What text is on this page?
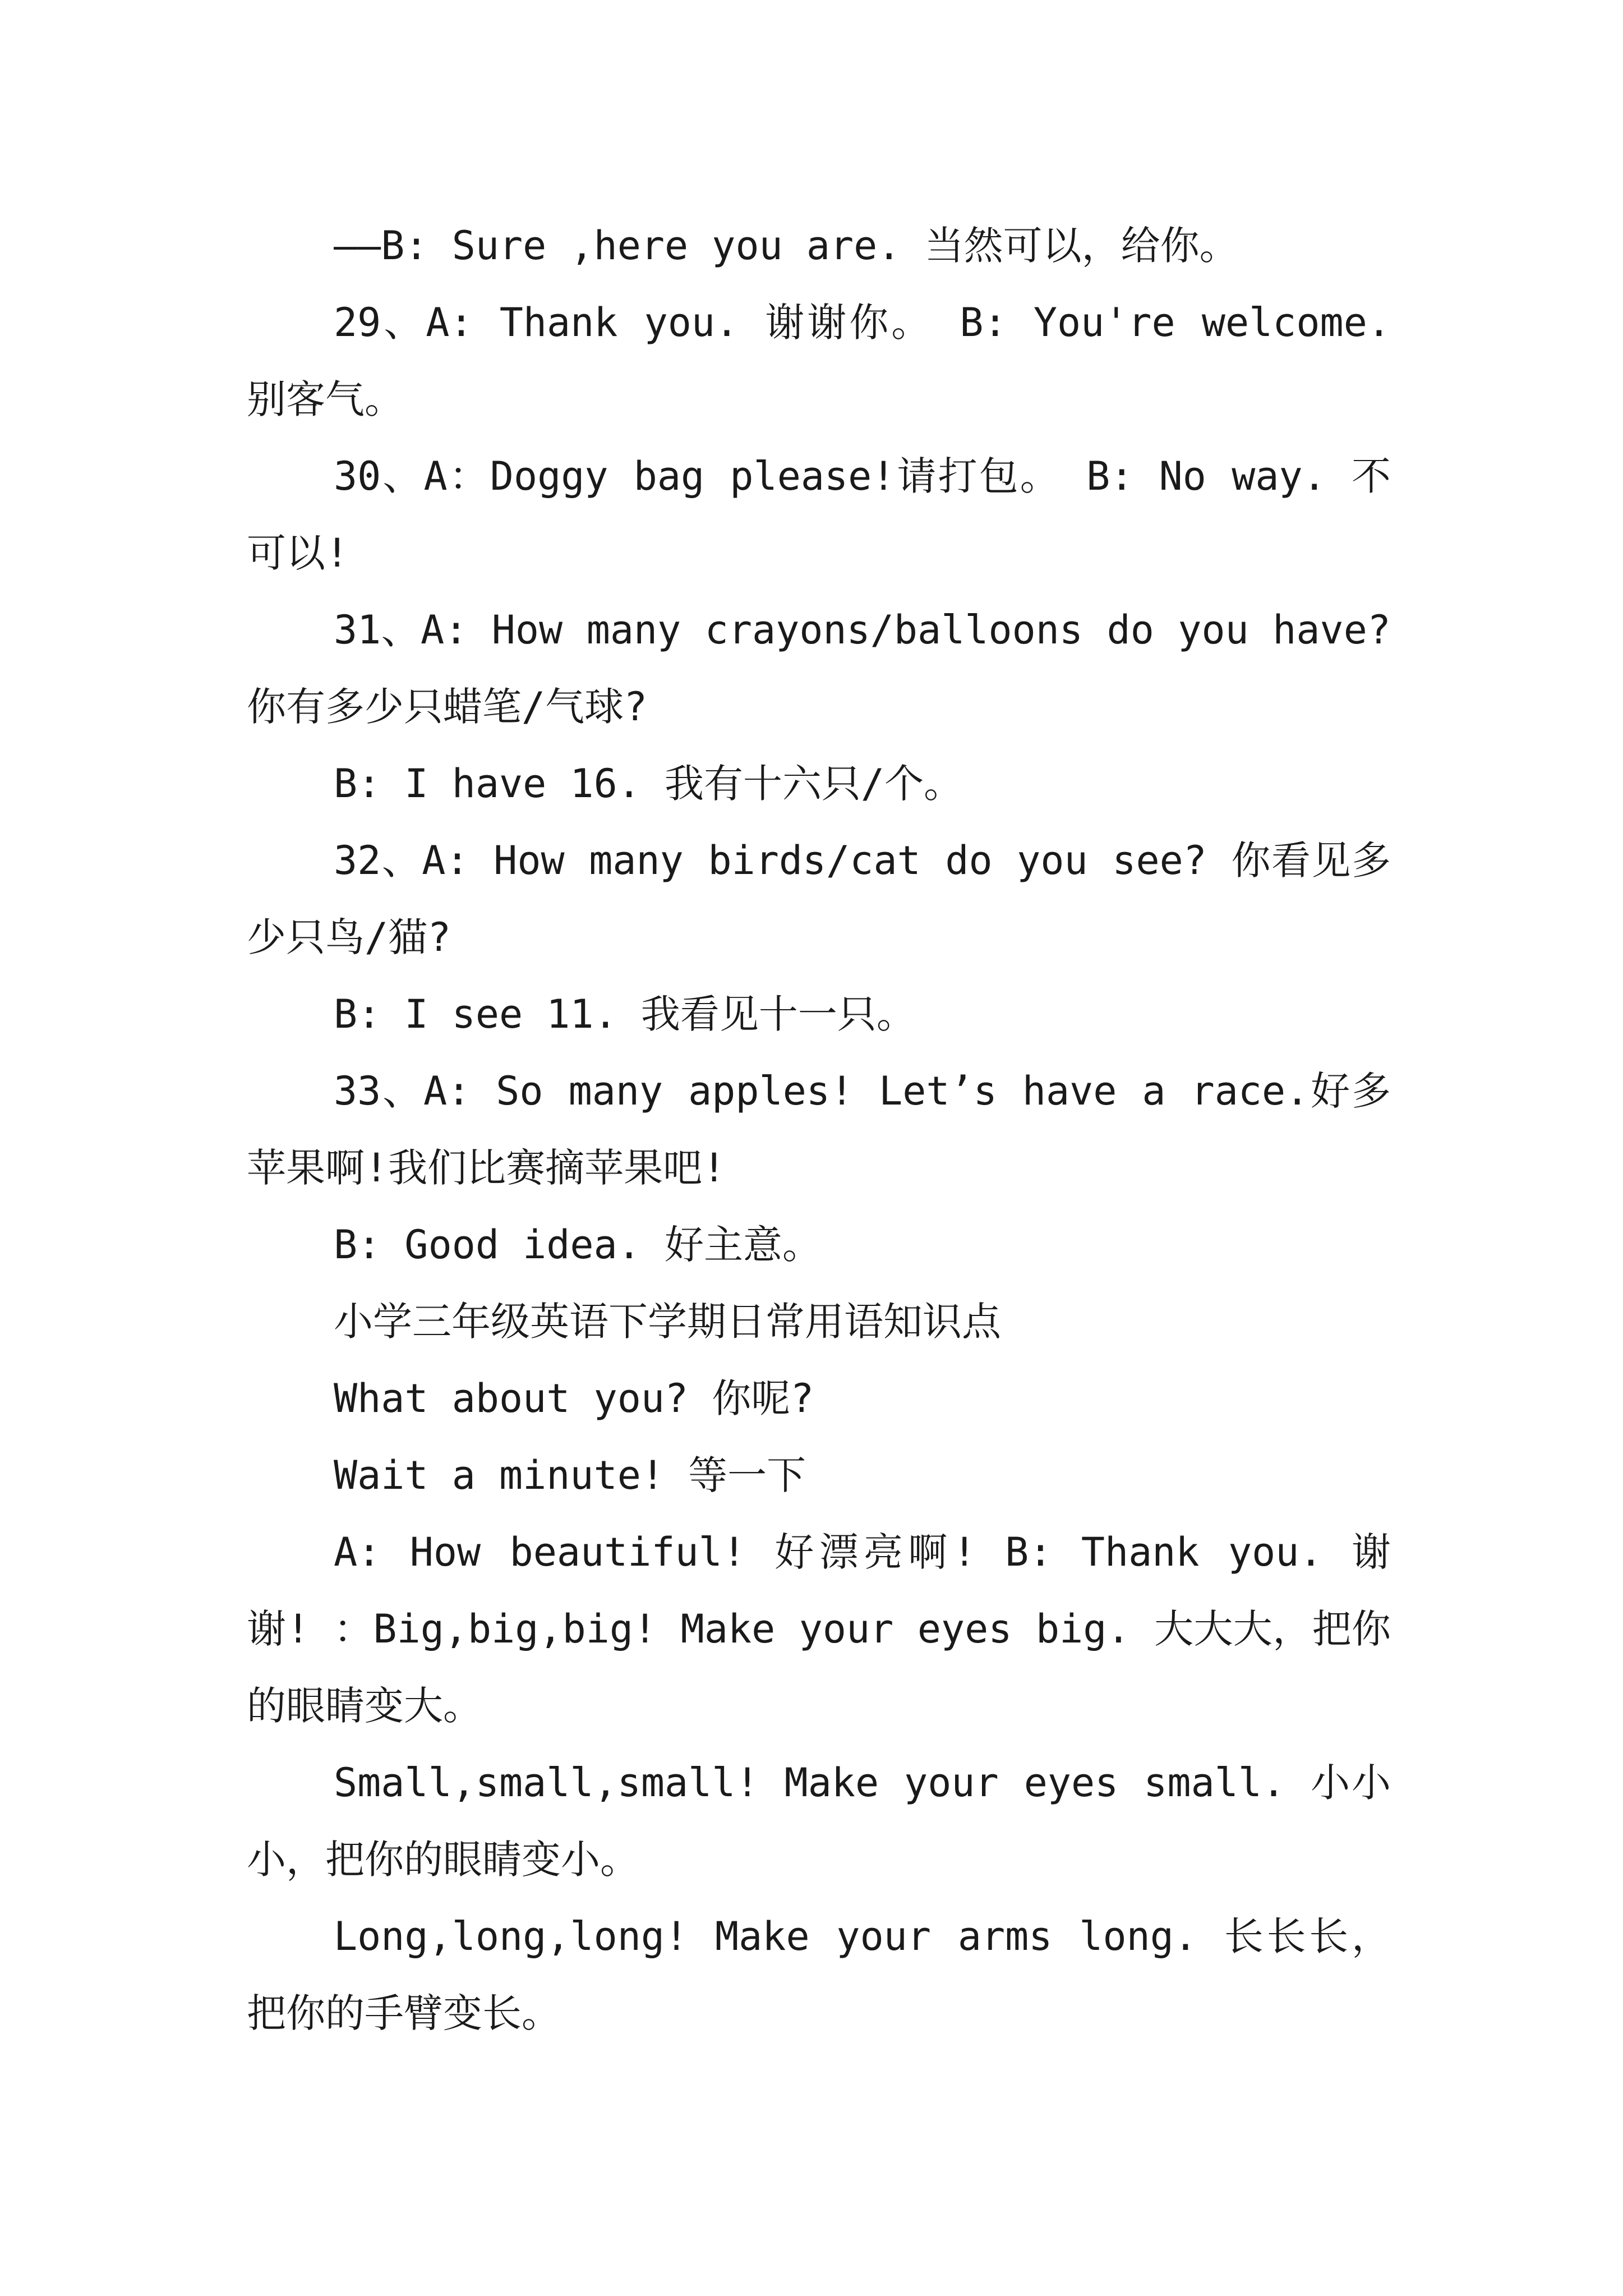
——B: Sure ,here you are. 当然可以，给你。

29、A: Thank you. 谢谢你。 B: You're welcome. 别客气。

30、A：Doggy bag please!请打包。 B: No way. 不可以!

31、A: How many crayons/balloons do you have? 你有多少只蜡笔/气球?

B: I have 16. 我有十六只/个。

32、A: How many birds/cat do you see? 你看见多少只鸟/猫?

B: I see 11. 我看见十一只。

33、A: So many apples! Let’s have a race.好多苹果啊!我们比赛摘苹果吧!

B: Good idea. 好主意。

小学三年级英语下学期日常用语知识点

What about you? 你呢?

Wait a minute! 等一下

A: How beautiful! 好漂亮啊! B: Thank you. 谢谢! ：Big,big,big! Make your eyes big. 大大大，把你的眼睛变大。

Small,small,small! Make your eyes small. 小小小，把你的眼睛变小。

Long,long,long! Make your arms long. 长长长，把你的手臂变长。
